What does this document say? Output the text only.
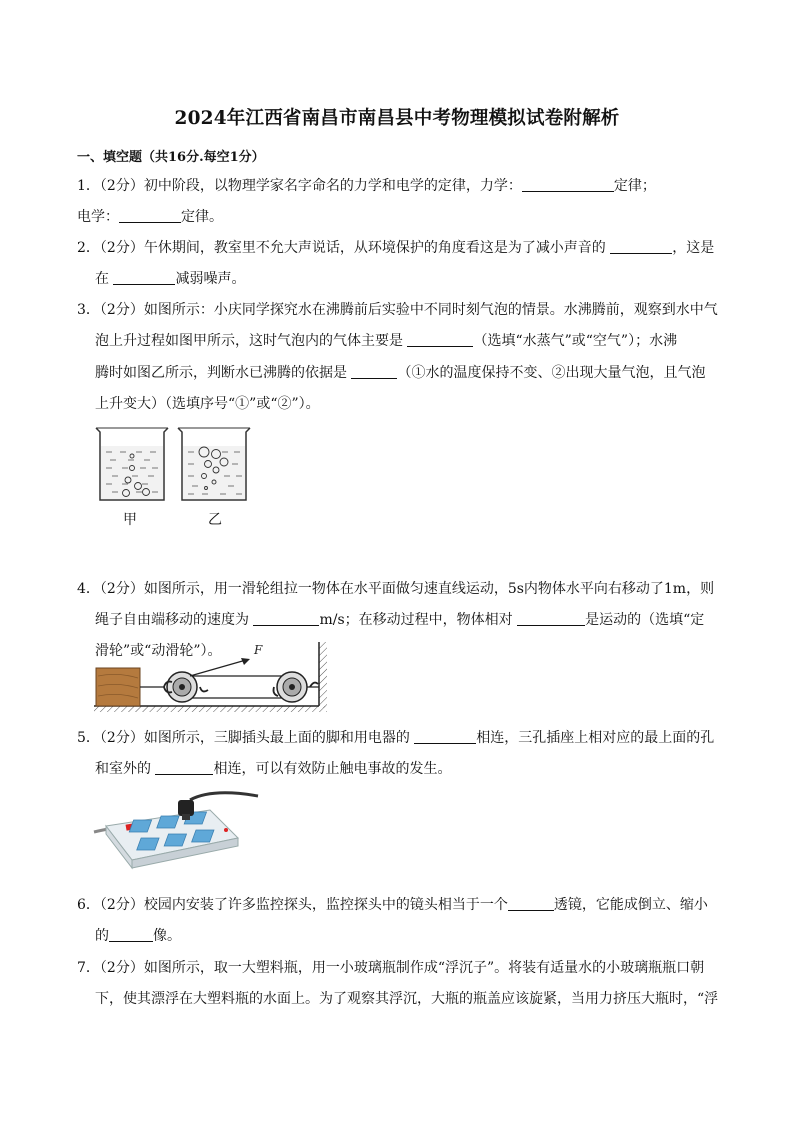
2024年江西省南昌市南昌县中考物理模拟试卷附解析
一、填空题（共16分.每空1分）
1．（2分）初中阶段，以物理学家名字命名的力学和电学的定律，力学：	定律；
电学：	定律。
2．（2分）午休期间，教室里不允大声说话，从环境保护的角度看这是为了减小声音的	，这是
在	减弱噪声。
3．（2分）如图所示：小庆同学探究水在沸腾前后实验中不同时刻气泡的情景。水沸腾前，观察到水中气
泡上升过程如图甲所示，这时气泡内的气体主要是	（选填“水蒸气”或“空气”）；水沸
腾时如图乙所示，判断水已沸腾的依据是	（①水的温度保持不变、②出现大量气泡，且气泡
上升变大）（选填序号“①”或“②”）。
甲	乙
4．（2分）如图所示，用一滑轮组拉一物体在水平面做匀速直线运动，5s内物体水平向右移动了1m，则
绳子自由端移动的速度为	m/s；在移动过程中，物体相对	是运动的（选填“定
滑轮”或“动滑轮”）。	F
5．（2分）如图所示，三脚插头最上面的脚和用电器的	相连，三孔插座上相对应的最上面的孔
和室外的	相连，可以有效防止触电事故的发生。
6．（2分）校园内安装了许多监控探头，监控探头中的镜头相当于一个	透镜，它能成倒立、缩小
的	像。
7．（2分）如图所示，取一大塑料瓶，用一小玻璃瓶制作成“浮沉子”。将装有适量水的小玻璃瓶瓶口朝
下，使其漂浮在大塑料瓶的水面上。为了观察其浮沉，大瓶的瓶盖应该旋紧，当用力挤压大瓶时，“浮
